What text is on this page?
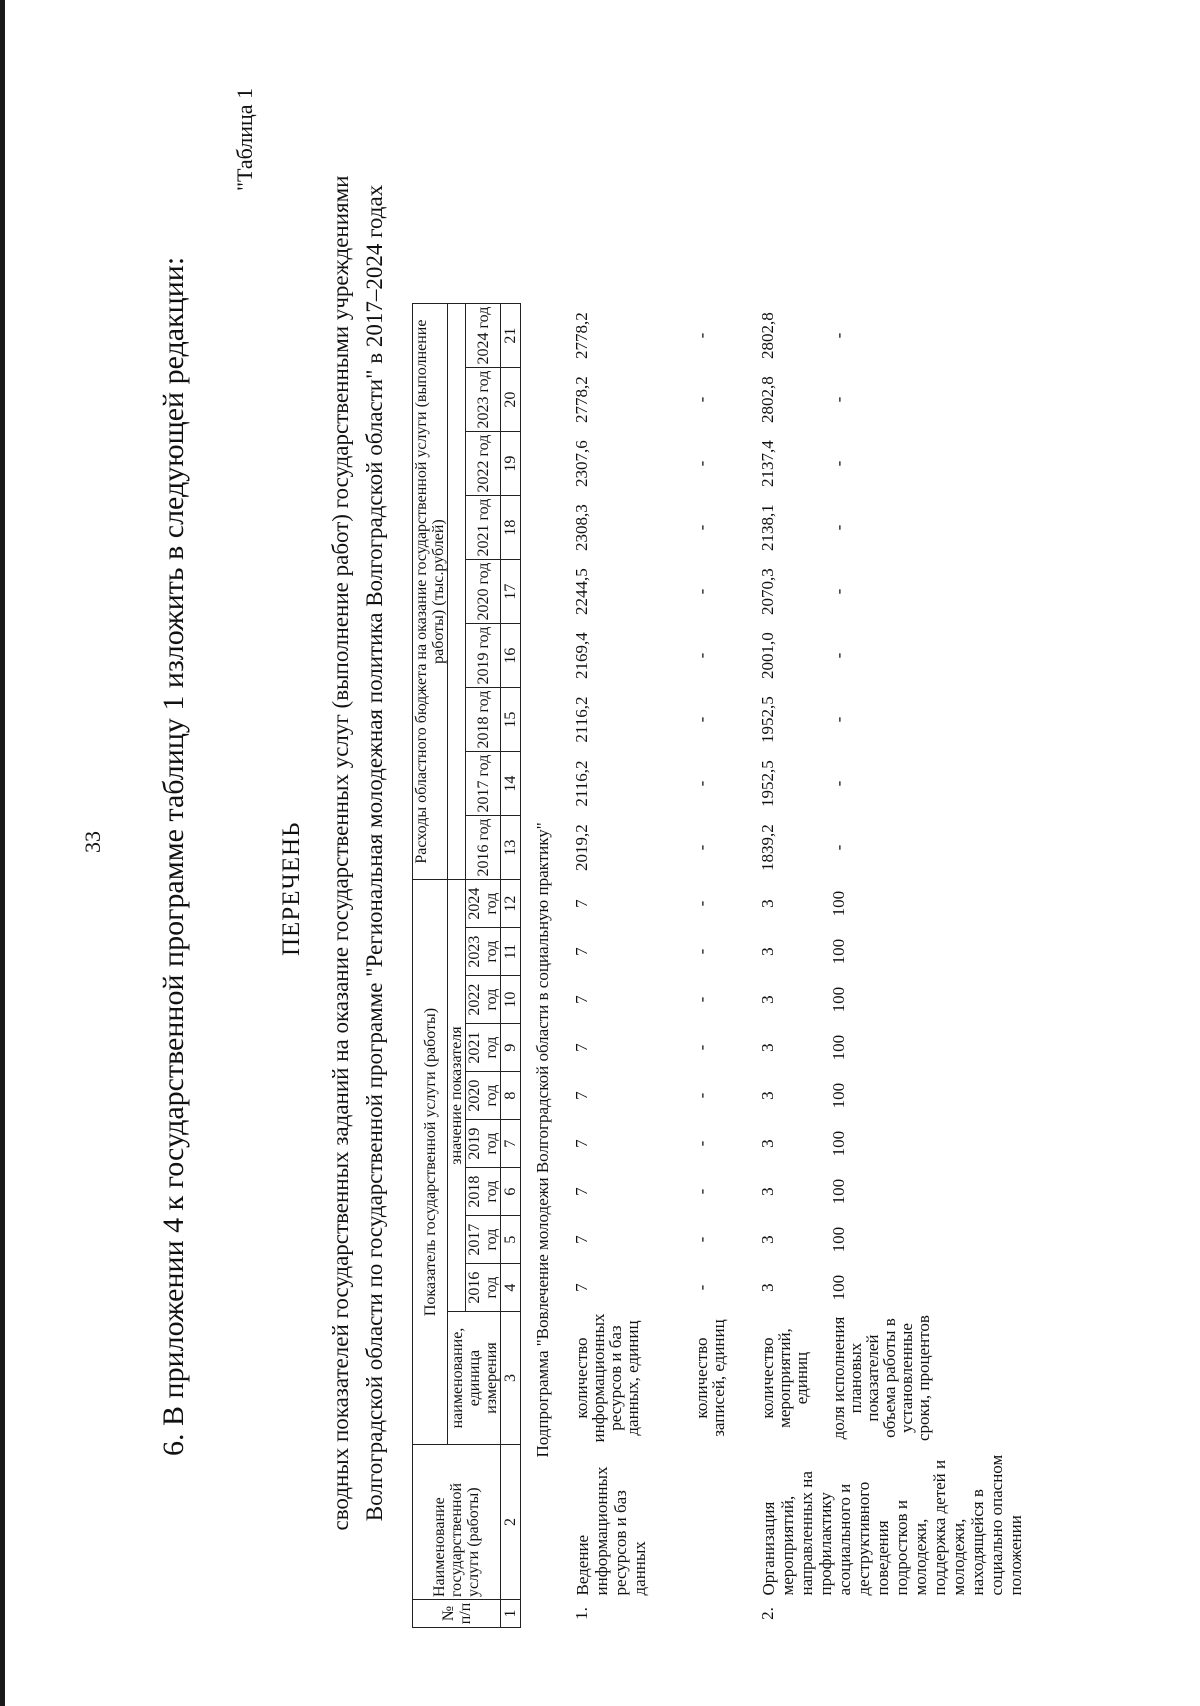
33 6. В приложении 4 к государственной программе таблицу 1 изложить в следующей редакции:
"Таблица 1
ПЕРЕЧЕНЬ сводных показателей государственных заданий на оказание государственных услуг (выполнение работ) государственными учреждениями Волгоградской области по государственной программе "Региональная молодежная политика Волгоградской области" в 2017–2024 годах
№ п/п	Наименование государственной услуги (работы)	Показатель государственной услуги (работы)										Расходы областного бюджета на оказание государственной услуги (выполнение работы) (тыс.рублей)								
		наименование, единица измерения	значение показателя																	
			2016 год	2017 год	2018 год	2019 год	2020 год	2021 год	2022 год	2023 год	2024 год	2016 год	2017 год	2018 год	2019 год	2020 год	2021 год	2022 год	2023 год	2024 год
1	2	3	4	5	6	7	8	9	10	11	12	13	14	15	16	17	18	19	20	21
Подпрограмма "Вовлечение молодежи Волгоградской области в социальную практику"																				
1.	Ведение информационных ресурсов и баз данных	количество информационных ресурсов и баз данных, единиц	7	7	7	7	7	7	7	7	7	2019,2	2116,2	2116,2	2169,4	2244,5	2308,3	2307,6	2778,2	2778,2
		количество записей, единиц	-	-	-	-	-	-	-	-	-	-	-	-	-	-	-	-	-	-
2.	Организация мероприятий, направленных на профилактику асоциального и деструктивного поведения подростков и молодежи, поддержка детей и молодежи, находящейся в социально опасном положении	количество мероприятий, единиц	3	3	3	3	3	3	3	3	3	1839,2	1952,5	1952,5	2001,0	2070,3	2138,1	2137,4	2802,8	2802,8
		доля исполнения плановых показателей объема работы в установленные сроки, процентов	100	100	100	100	100	100	100	100	100	-	-	-	-	-	-	-	-	-
